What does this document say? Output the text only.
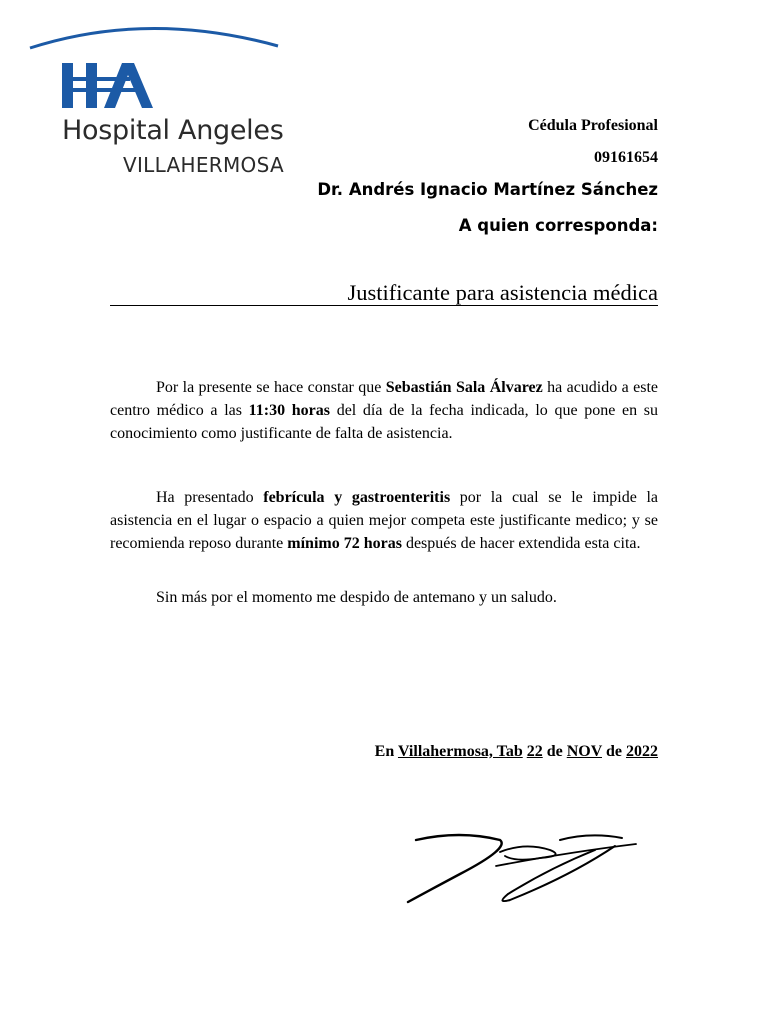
Hospital Angeles
VILLAHERMOSA
Cédula Profesional
09161654
Dr. Andrés Ignacio Martínez Sánchez
A quien corresponda:
Justificante para asistencia médica

Por la presente se hace constar que Sebastián Sala Álvarez ha acudido a este centro médico a las 11:30 horas del día de la fecha indicada, lo que pone en su conocimiento como justificante de falta de asistencia.

Ha presentado febrícula y gastroenteritis por la cual se le impide la asistencia en el lugar o espacio a quien mejor competa este justificante medico; y se recomienda reposo durante mínimo 72 horas después de hacer extendida esta cita.

Sin más por el momento me despido de antemano y un saludo.

En Villahermosa, Tab 22 de NOV de 2022
